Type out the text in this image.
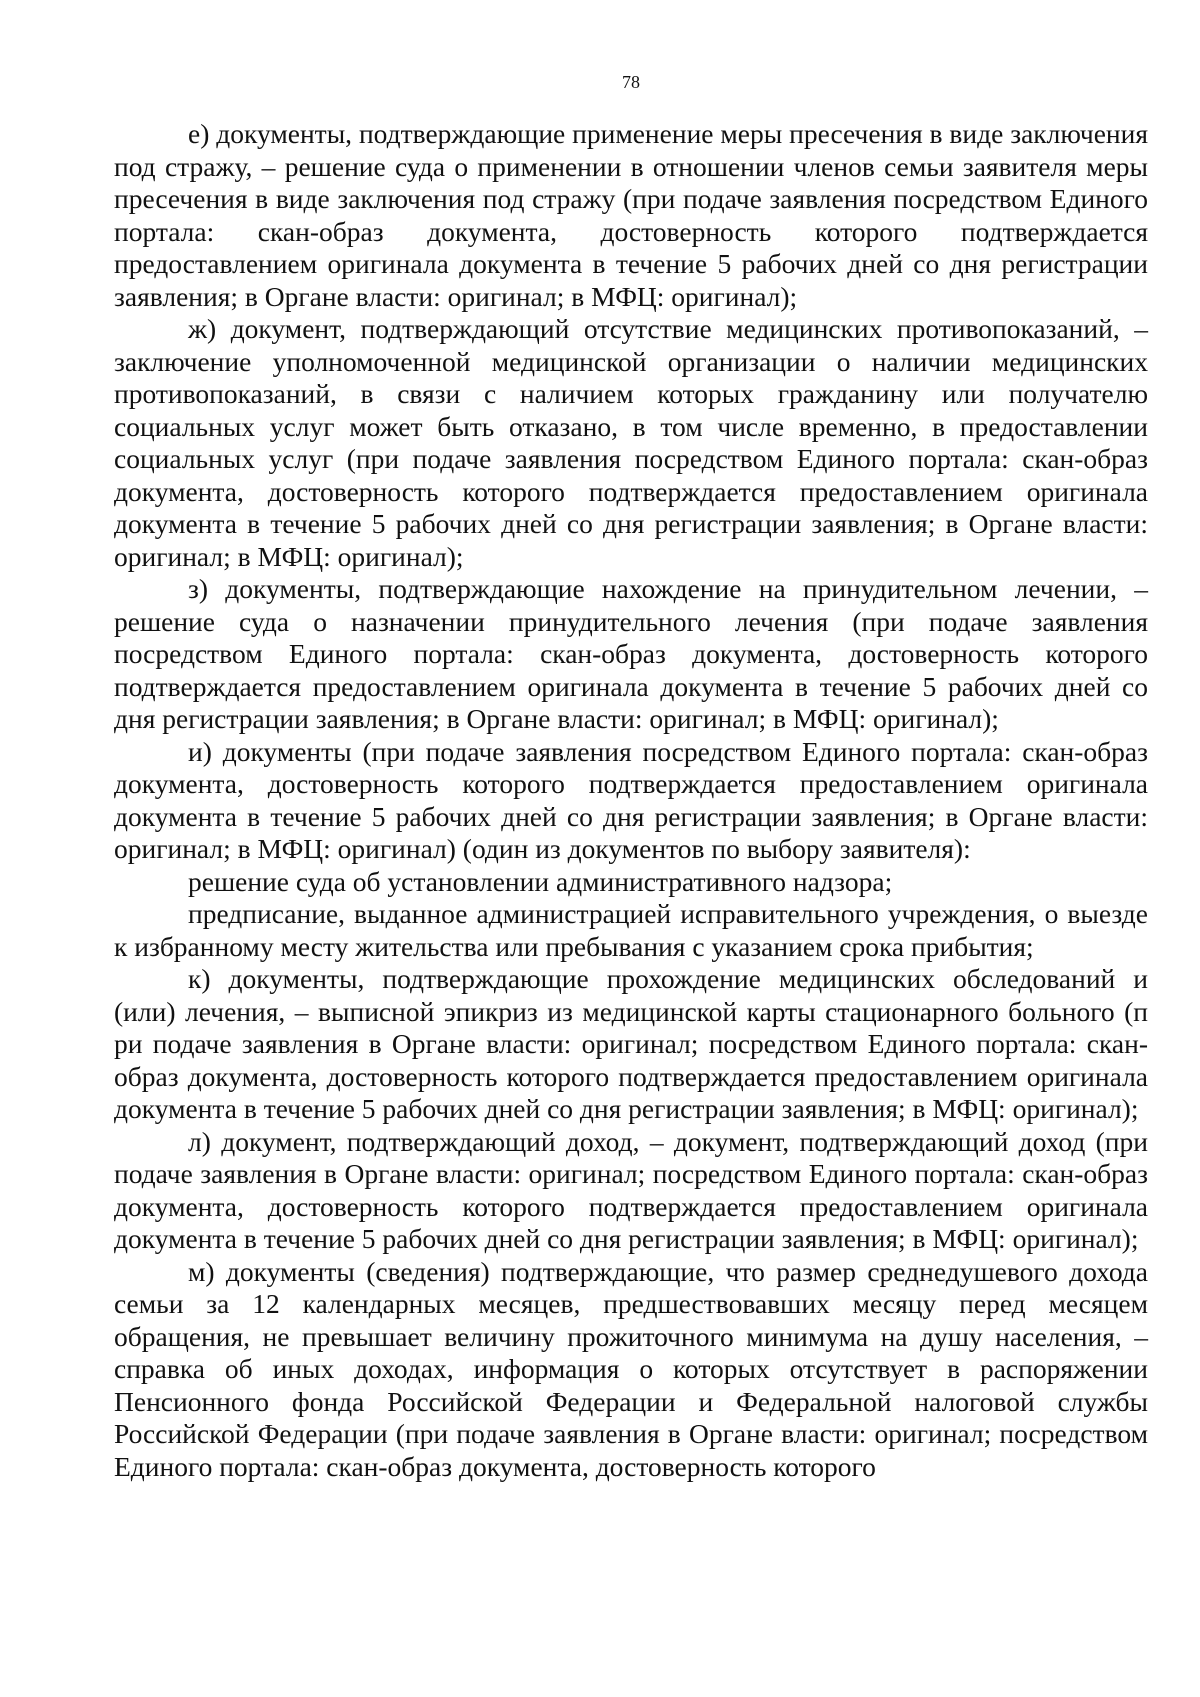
78

е) документы, подтверждающие применение меры пресечения в виде заключения под стражу, – решение суда о применении в отношении членов семьи заявителя меры пресечения в виде заключения под стражу (при подаче заявления посредством Единого портала: скан-образ документа, достоверность которого подтверждается предоставлением оригинала документа в течение 5 рабочих дней со дня регистрации заявления; в Органе власти: оригинал; в МФЦ: оригинал);

ж) документ, подтверждающий отсутствие медицинских противопоказаний, – заключение уполномоченной медицинской организации о наличии медицинских противопоказаний, в связи с наличием которых гражданину или получателю социальных услуг может быть отказано, в том числе временно, в предоставлении социальных услуг (при подаче заявления посредством Единого портала: скан-образ документа, достоверность которого подтверждается предоставлением оригинала документа в течение 5 рабочих дней со дня регистрации заявления; в Органе власти: оригинал; в МФЦ: оригинал);

з) документы, подтверждающие нахождение на принудительном лечении, – решение суда о назначении принудительного лечения (при подаче заявления посредством Единого портала: скан-образ документа, достоверность которого подтверждается предоставлением оригинала документа в течение 5 рабочих дней со дня регистрации заявления; в Органе власти: оригинал; в МФЦ: оригинал);

и) документы (при подаче заявления посредством Единого портала: скан-образ документа, достоверность которого подтверждается предоставлением оригинала документа в течение 5 рабочих дней со дня регистрации заявления; в Органе власти: оригинал; в МФЦ: оригинал) (один из документов по выбору заявителя):

решение суда об установлении административного надзора;

предписание, выданное администрацией исправительного учреждения, о выезде к избранному месту жительства или пребывания с указанием срока прибытия;

к) документы, подтверждающие прохождение медицинских обследований и (или) лечения, – выписной эпикриз из медицинской карты стационарного больного (п ри подаче заявления в Органе власти: оригинал; посредством Единого портала: скан-образ документа, достоверность которого подтверждается предоставлением оригинала документа в течение 5 рабочих дней со дня регистрации заявления; в МФЦ: оригинал);

л) документ, подтверждающий доход, – документ, подтверждающий доход (при подаче заявления в Органе власти: оригинал; посредством Единого портала: скан-образ документа, достоверность которого подтверждается предоставлением оригинала документа в течение 5 рабочих дней со дня регистрации заявления; в МФЦ: оригинал);

м) документы (сведения) подтверждающие, что размер среднедушевого дохода семьи за 12 календарных месяцев, предшествовавших месяцу перед месяцем обращения, не превышает величину прожиточного минимума на душу населения, – справка об иных доходах, информация о которых отсутствует в распоряжении Пенсионного фонда Российской Федерации и Федеральной налоговой службы Российской Федерации (при подаче заявления в Органе власти: оригинал; посредством Единого портала: скан-образ документа, достоверность которого
